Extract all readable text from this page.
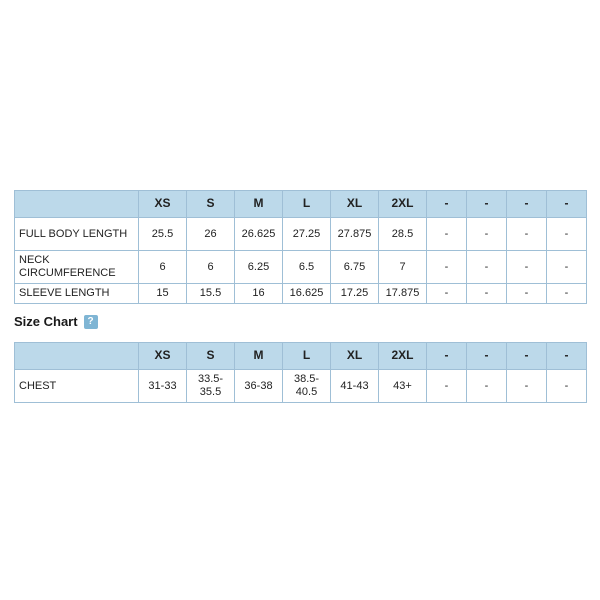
	XS	S	M	L	XL	2XL	-	-	-	-
FULL BODY LENGTH	25.5	26	26.625	27.25	27.875	28.5	-	-	-	-
NECK CIRCUMFERENCE	6	6	6.25	6.5	6.75	7	-	-	-	-
SLEEVE LENGTH	15	15.5	16	16.625	17.25	17.875	-	-	-	-
Size Chart ?
	XS	S	M	L	XL	2XL	-	-	-	-
CHEST	31-33	33.5-35.5	36-38	38.5-40.5	41-43	43+	-	-	-	-
